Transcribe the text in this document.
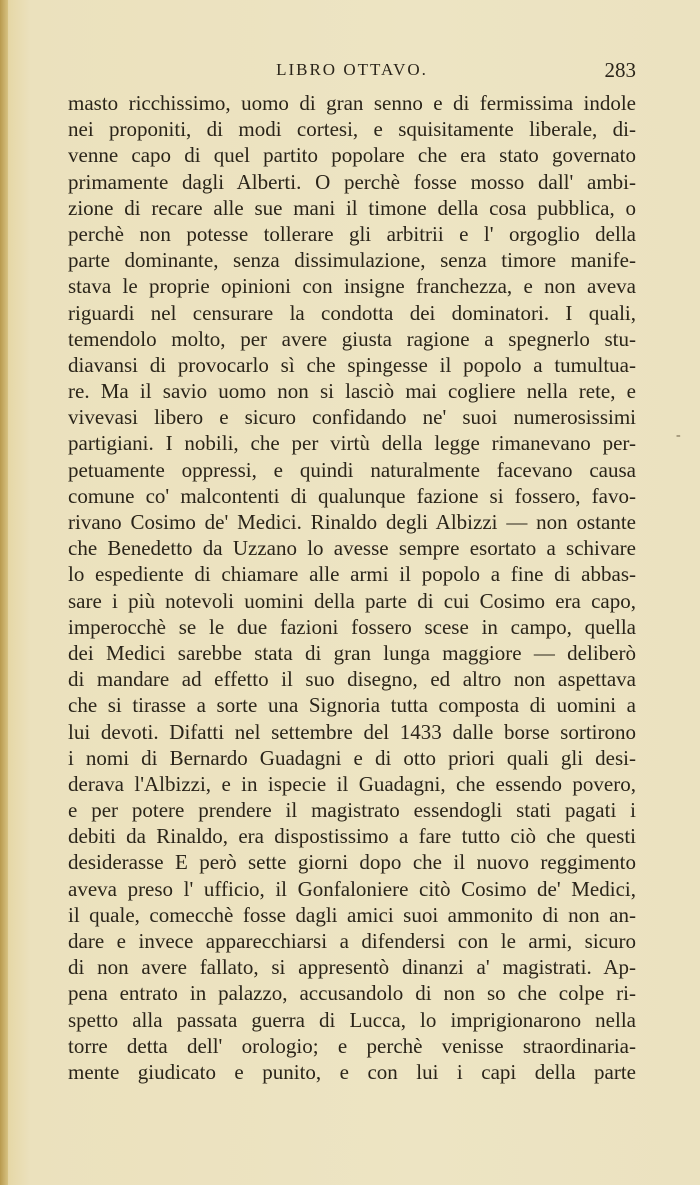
LIBRO OTTAVO.	283
-
masto ricchissimo, uomo di gran senno e di fermissima indole
nei proponiti, di modi cortesi, e squisitamente liberale, di-
venne capo di quel partito popolare che era stato governato
primamente dagli Alberti. O perchè fosse mosso dall' ambi-
zione di recare alle sue mani il timone della cosa pubblica, o
perchè non potesse tollerare gli arbitrii e l' orgoglio della
parte dominante, senza dissimulazione, senza timore manife-
stava le proprie opinioni con insigne franchezza, e non aveva
riguardi nel censurare la condotta dei dominatori. I quali,
temendolo molto, per avere giusta ragione a spegnerlo stu-
diavansi di provocarlo sì che spingesse il popolo a tumultua-
re. Ma il savio uomo non si lasciò mai cogliere nella rete, e
vivevasi libero e sicuro confidando ne' suoi numerosissimi
partigiani. I nobili, che per virtù della legge rimanevano per-
petuamente oppressi, e quindi naturalmente facevano causa
comune co' malcontenti di qualunque fazione si fossero, favo-
rivano Cosimo de' Medici. Rinaldo degli Albizzi — non ostante
che Benedetto da Uzzano lo avesse sempre esortato a schivare
lo espediente di chiamare alle armi il popolo a fine di abbas-
sare i più notevoli uomini della parte di cui Cosimo era capo,
imperocchè se le due fazioni fossero scese in campo, quella
dei Medici sarebbe stata di gran lunga maggiore — deliberò
di mandare ad effetto il suo disegno, ed altro non aspettava
che si tirasse a sorte una Signoria tutta composta di uomini a
lui devoti. Difatti nel settembre del 1433 dalle borse sortirono
i nomi di Bernardo Guadagni e di otto priori quali gli desi-
derava l'Albizzi, e in ispecie il Guadagni, che essendo povero,
e per potere prendere il magistrato essendogli stati pagati i
debiti da Rinaldo, era dispostissimo a fare tutto ciò che questi
desiderasse E però sette giorni dopo che il nuovo reggimento
aveva preso l' ufficio, il Gonfaloniere citò Cosimo de' Medici,
il quale, comecchè fosse dagli amici suoi ammonito di non an-
dare e invece apparecchiarsi a difendersi con le armi, sicuro
di non avere fallato, si appresentò dinanzi a' magistrati. Ap-
pena entrato in palazzo, accusandolo di non so che colpe ri-
spetto alla passata guerra di Lucca, lo imprigionarono nella
torre detta dell' orologio; e perchè venisse straordinaria-
mente giudicato e punito, e con lui i capi della parte
